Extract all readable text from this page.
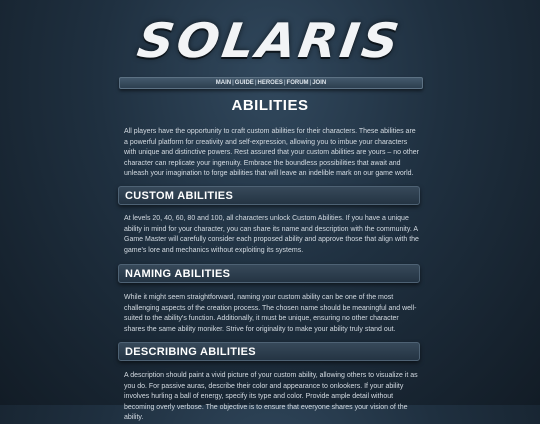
SOLARIS
MAIN|GUIDE|HEROES|FORUM|JOIN
ABILITIES

All players have the opportunity to craft custom abilities for their characters. These abilities are a powerful platform for creativity and self-expression, allowing you to imbue your characters with unique and distinctive powers. Rest assured that your custom abilities are yours – no other character can replicate your ingenuity. Embrace the boundless possibilities that await and unleash your imagination to forge abilities that will leave an indelible mark on our game world.

CUSTOM ABILITIES

At levels 20, 40, 60, 80 and 100, all characters unlock Custom Abilities. If you have a unique ability in mind for your character, you can share its name and description with the community. A Game Master will carefully consider each proposed ability and approve those that align with the game's lore and mechanics without exploiting its systems.

NAMING ABILITIES

While it might seem straightforward, naming your custom ability can be one of the most challenging aspects of the creation process. The chosen name should be meaningful and well-suited to the ability's function. Additionally, it must be unique, ensuring no other character shares the same ability moniker. Strive for originality to make your ability truly stand out.

DESCRIBING ABILITIES

A description should paint a vivid picture of your custom ability, allowing others to visualize it as you do. For passive auras, describe their color and appearance to onlookers. If your ability involves hurling a ball of energy, specify its type and color. Provide ample detail without becoming overly verbose. The objective is to ensure that everyone shares your vision of the ability.
